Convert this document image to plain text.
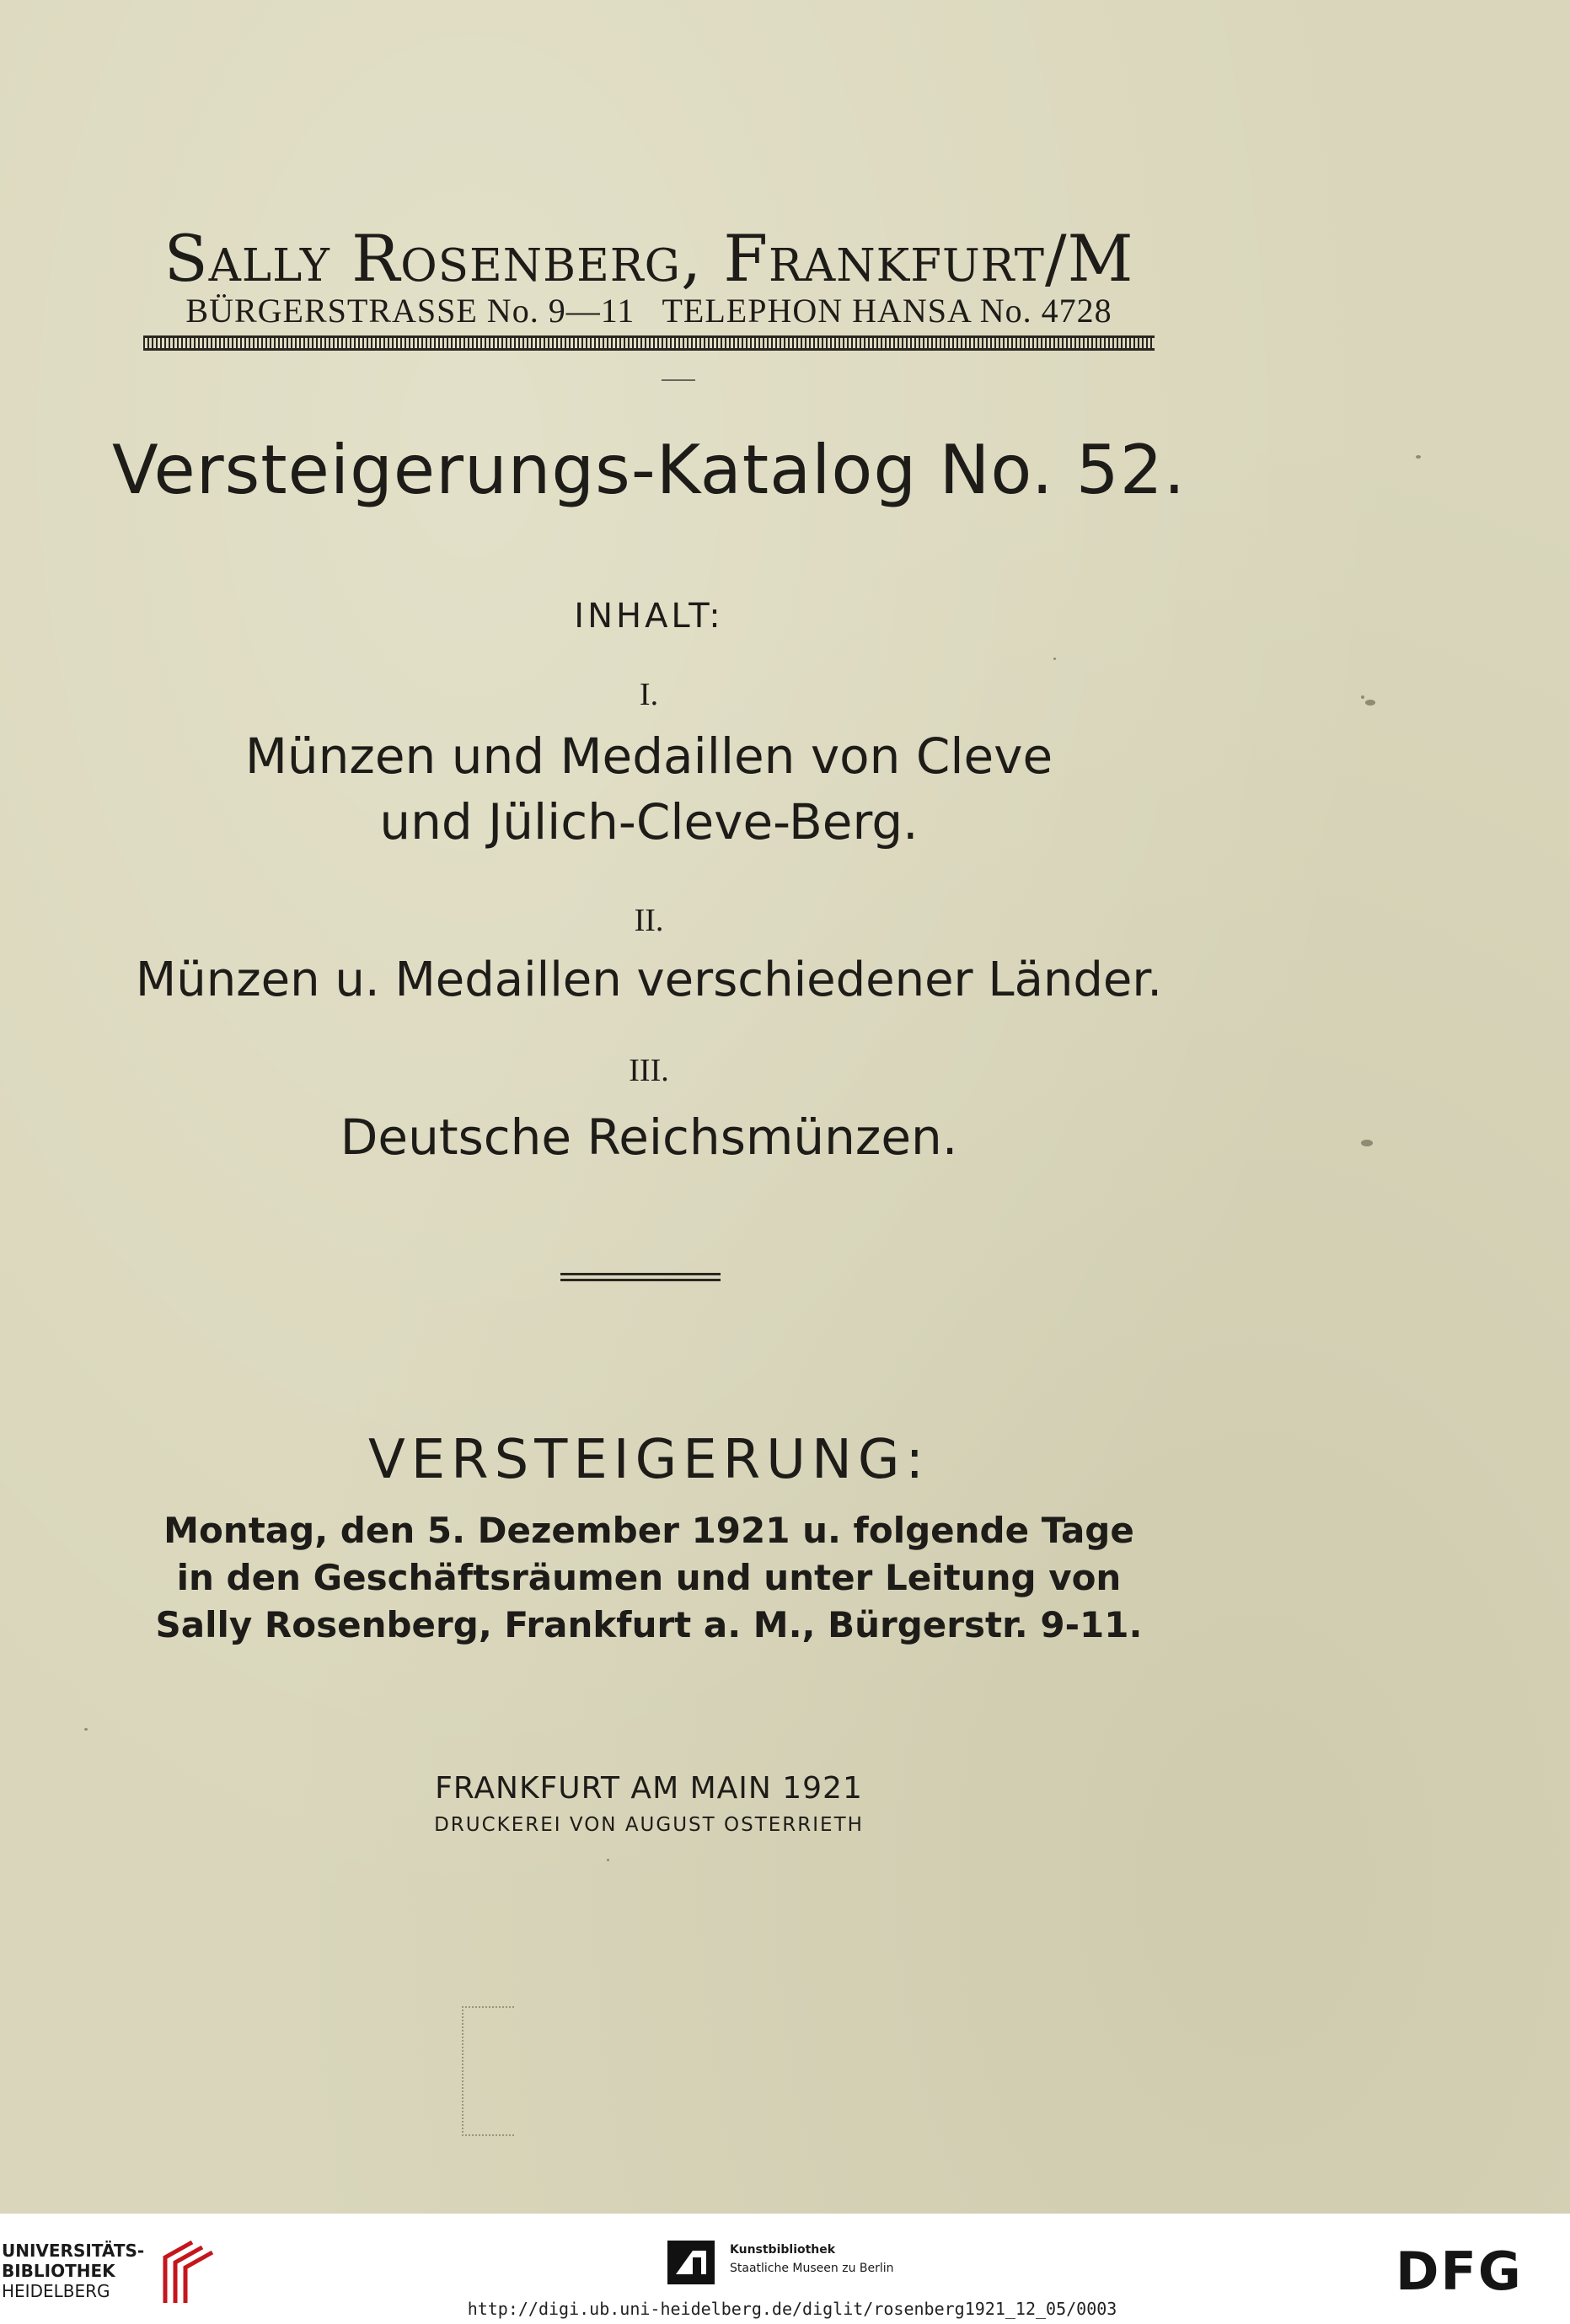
Sally Rosenberg, Frankfurt/M
BÜRGERSTRASSE No. 9—11   TELEPHON HANSA No. 4728
Versteigerungs-Katalog No. 52.
INHALT:
I.
Münzen und Medaillen von Cleve
und Jülich-Cleve-Berg.
II.
Münzen u. Medaillen verschiedener Länder.
III.
Deutsche Reichsmünzen.
VERSTEIGERUNG:
Montag, den 5. Dezember 1921 u. folgende Tage
in den Geschäftsräumen und unter Leitung von
Sally Rosenberg, Frankfurt a. M., Bürgerstr. 9-11.
FRANKFURT AM MAIN 1921
DRUCKEREI VON AUGUST OSTERRIETH
UNIVERSITÄTS-
BIBLIOTHEK
HEIDELBERG
Kunstbibliothek
Staatliche Museen zu Berlin	DFG
http://digi.ub.uni-heidelberg.de/diglit/rosenberg1921_12_05/0003
